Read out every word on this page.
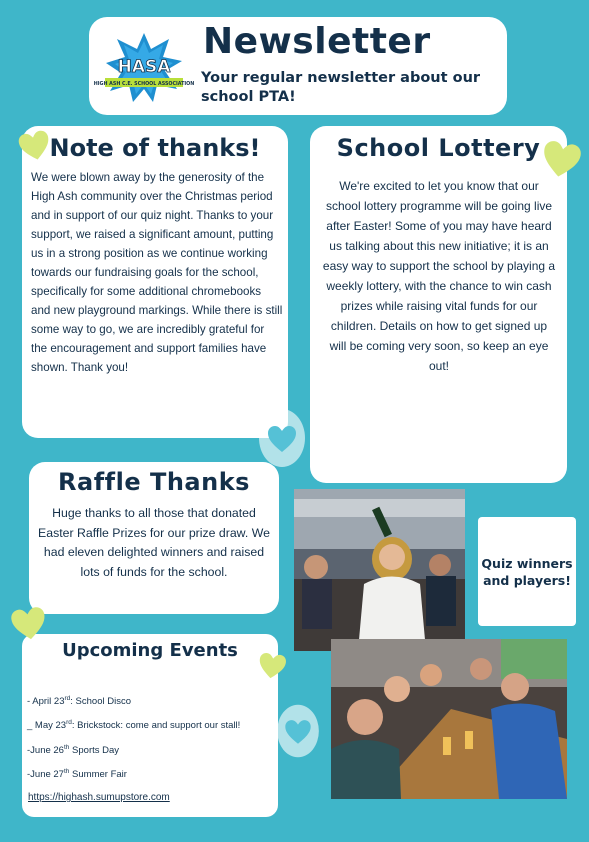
HASA
HIGH ASH C.E. SCHOOL ASSOCIATION
Newsletter
Your regular newsletter about our school PTA!
Note of thanks!

We were blown away by the generosity of the High Ash community over the Christmas period and in support of our quiz night. Thanks to your support, we raised a significant amount, putting us in a strong position as we continue working towards our fundraising goals for the school, specifically for some additional chromebooks and new playground markings. While there is still some way to go, we are incredibly grateful for the encouragement and support families have shown. Thank you!

School Lottery

We're excited to let you know that our school lottery programme will be going live after Easter! Some of you may have heard us talking about this new initiative; it is an easy way to support the school by playing a weekly lottery, with the chance to win cash prizes while raising vital funds for our children. Details on how to get signed up will be coming very soon, so keep an eye out!

Raffle Thanks

Huge thanks to all those that donated Easter Raffle Prizes for our prize draw. We had eleven delighted winners and raised lots of funds for the school.

Upcoming Events
- April 23rd: School Disco
_ May 23rd: Brickstock: come and support our stall!
-June 26th Sports Day
-June 27th Summer Fair
https://highash.sumupstore.com
Quiz winners and players!
